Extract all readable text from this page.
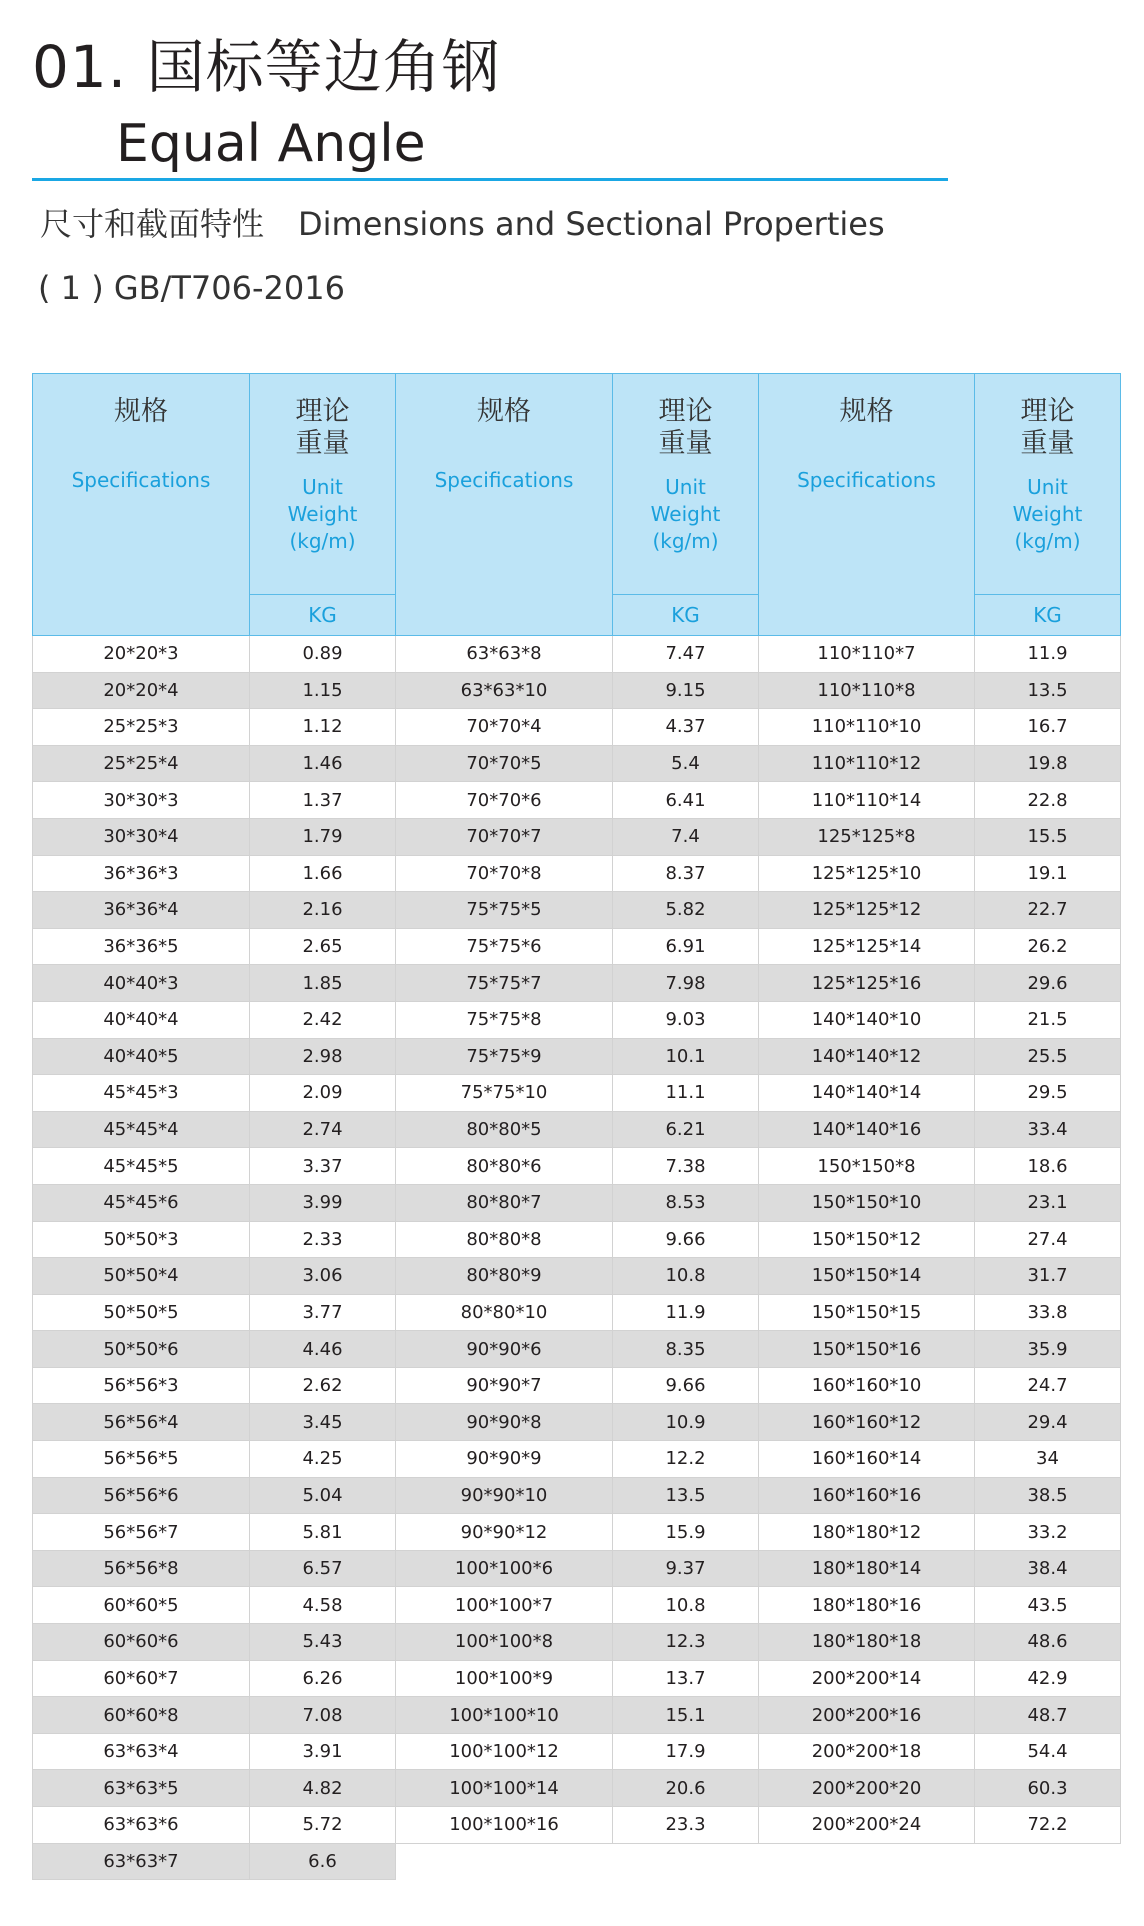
01. 国标等边角钢
Equal Angle
尺寸和截面特性 Dimensions and Sectional Properties
( 1 ) GB/T706-2016
规格
Specifications	理论
重量
Unit
Weight
(kg/m)	规格
Specifications	理论
重量
Unit
Weight
(kg/m)	规格
Specifications	理论
重量
Unit
Weight
(kg/m)

	KG		KG		KG
20*20*3	0.89	63*63*8	7.47	110*110*7	11.9
20*20*4	1.15	63*63*10	9.15	110*110*8	13.5
25*25*3	1.12	70*70*4	4.37	110*110*10	16.7
25*25*4	1.46	70*70*5	5.4	110*110*12	19.8
30*30*3	1.37	70*70*6	6.41	110*110*14	22.8
30*30*4	1.79	70*70*7	7.4	125*125*8	15.5
36*36*3	1.66	70*70*8	8.37	125*125*10	19.1
36*36*4	2.16	75*75*5	5.82	125*125*12	22.7
36*36*5	2.65	75*75*6	6.91	125*125*14	26.2
40*40*3	1.85	75*75*7	7.98	125*125*16	29.6
40*40*4	2.42	75*75*8	9.03	140*140*10	21.5
40*40*5	2.98	75*75*9	10.1	140*140*12	25.5
45*45*3	2.09	75*75*10	11.1	140*140*14	29.5
45*45*4	2.74	80*80*5	6.21	140*140*16	33.4
45*45*5	3.37	80*80*6	7.38	150*150*8	18.6
45*45*6	3.99	80*80*7	8.53	150*150*10	23.1
50*50*3	2.33	80*80*8	9.66	150*150*12	27.4
50*50*4	3.06	80*80*9	10.8	150*150*14	31.7
50*50*5	3.77	80*80*10	11.9	150*150*15	33.8
50*50*6	4.46	90*90*6	8.35	150*150*16	35.9
56*56*3	2.62	90*90*7	9.66	160*160*10	24.7
56*56*4	3.45	90*90*8	10.9	160*160*12	29.4
56*56*5	4.25	90*90*9	12.2	160*160*14	34
56*56*6	5.04	90*90*10	13.5	160*160*16	38.5
56*56*7	5.81	90*90*12	15.9	180*180*12	33.2
56*56*8	6.57	100*100*6	9.37	180*180*14	38.4
60*60*5	4.58	100*100*7	10.8	180*180*16	43.5
60*60*6	5.43	100*100*8	12.3	180*180*18	48.6
60*60*7	6.26	100*100*9	13.7	200*200*14	42.9
60*60*8	7.08	100*100*10	15.1	200*200*16	48.7
63*63*4	3.91	100*100*12	17.9	200*200*18	54.4
63*63*5	4.82	100*100*14	20.6	200*200*20	60.3
63*63*6	5.72	100*100*16	23.3	200*200*24	72.2
63*63*7	6.6				
